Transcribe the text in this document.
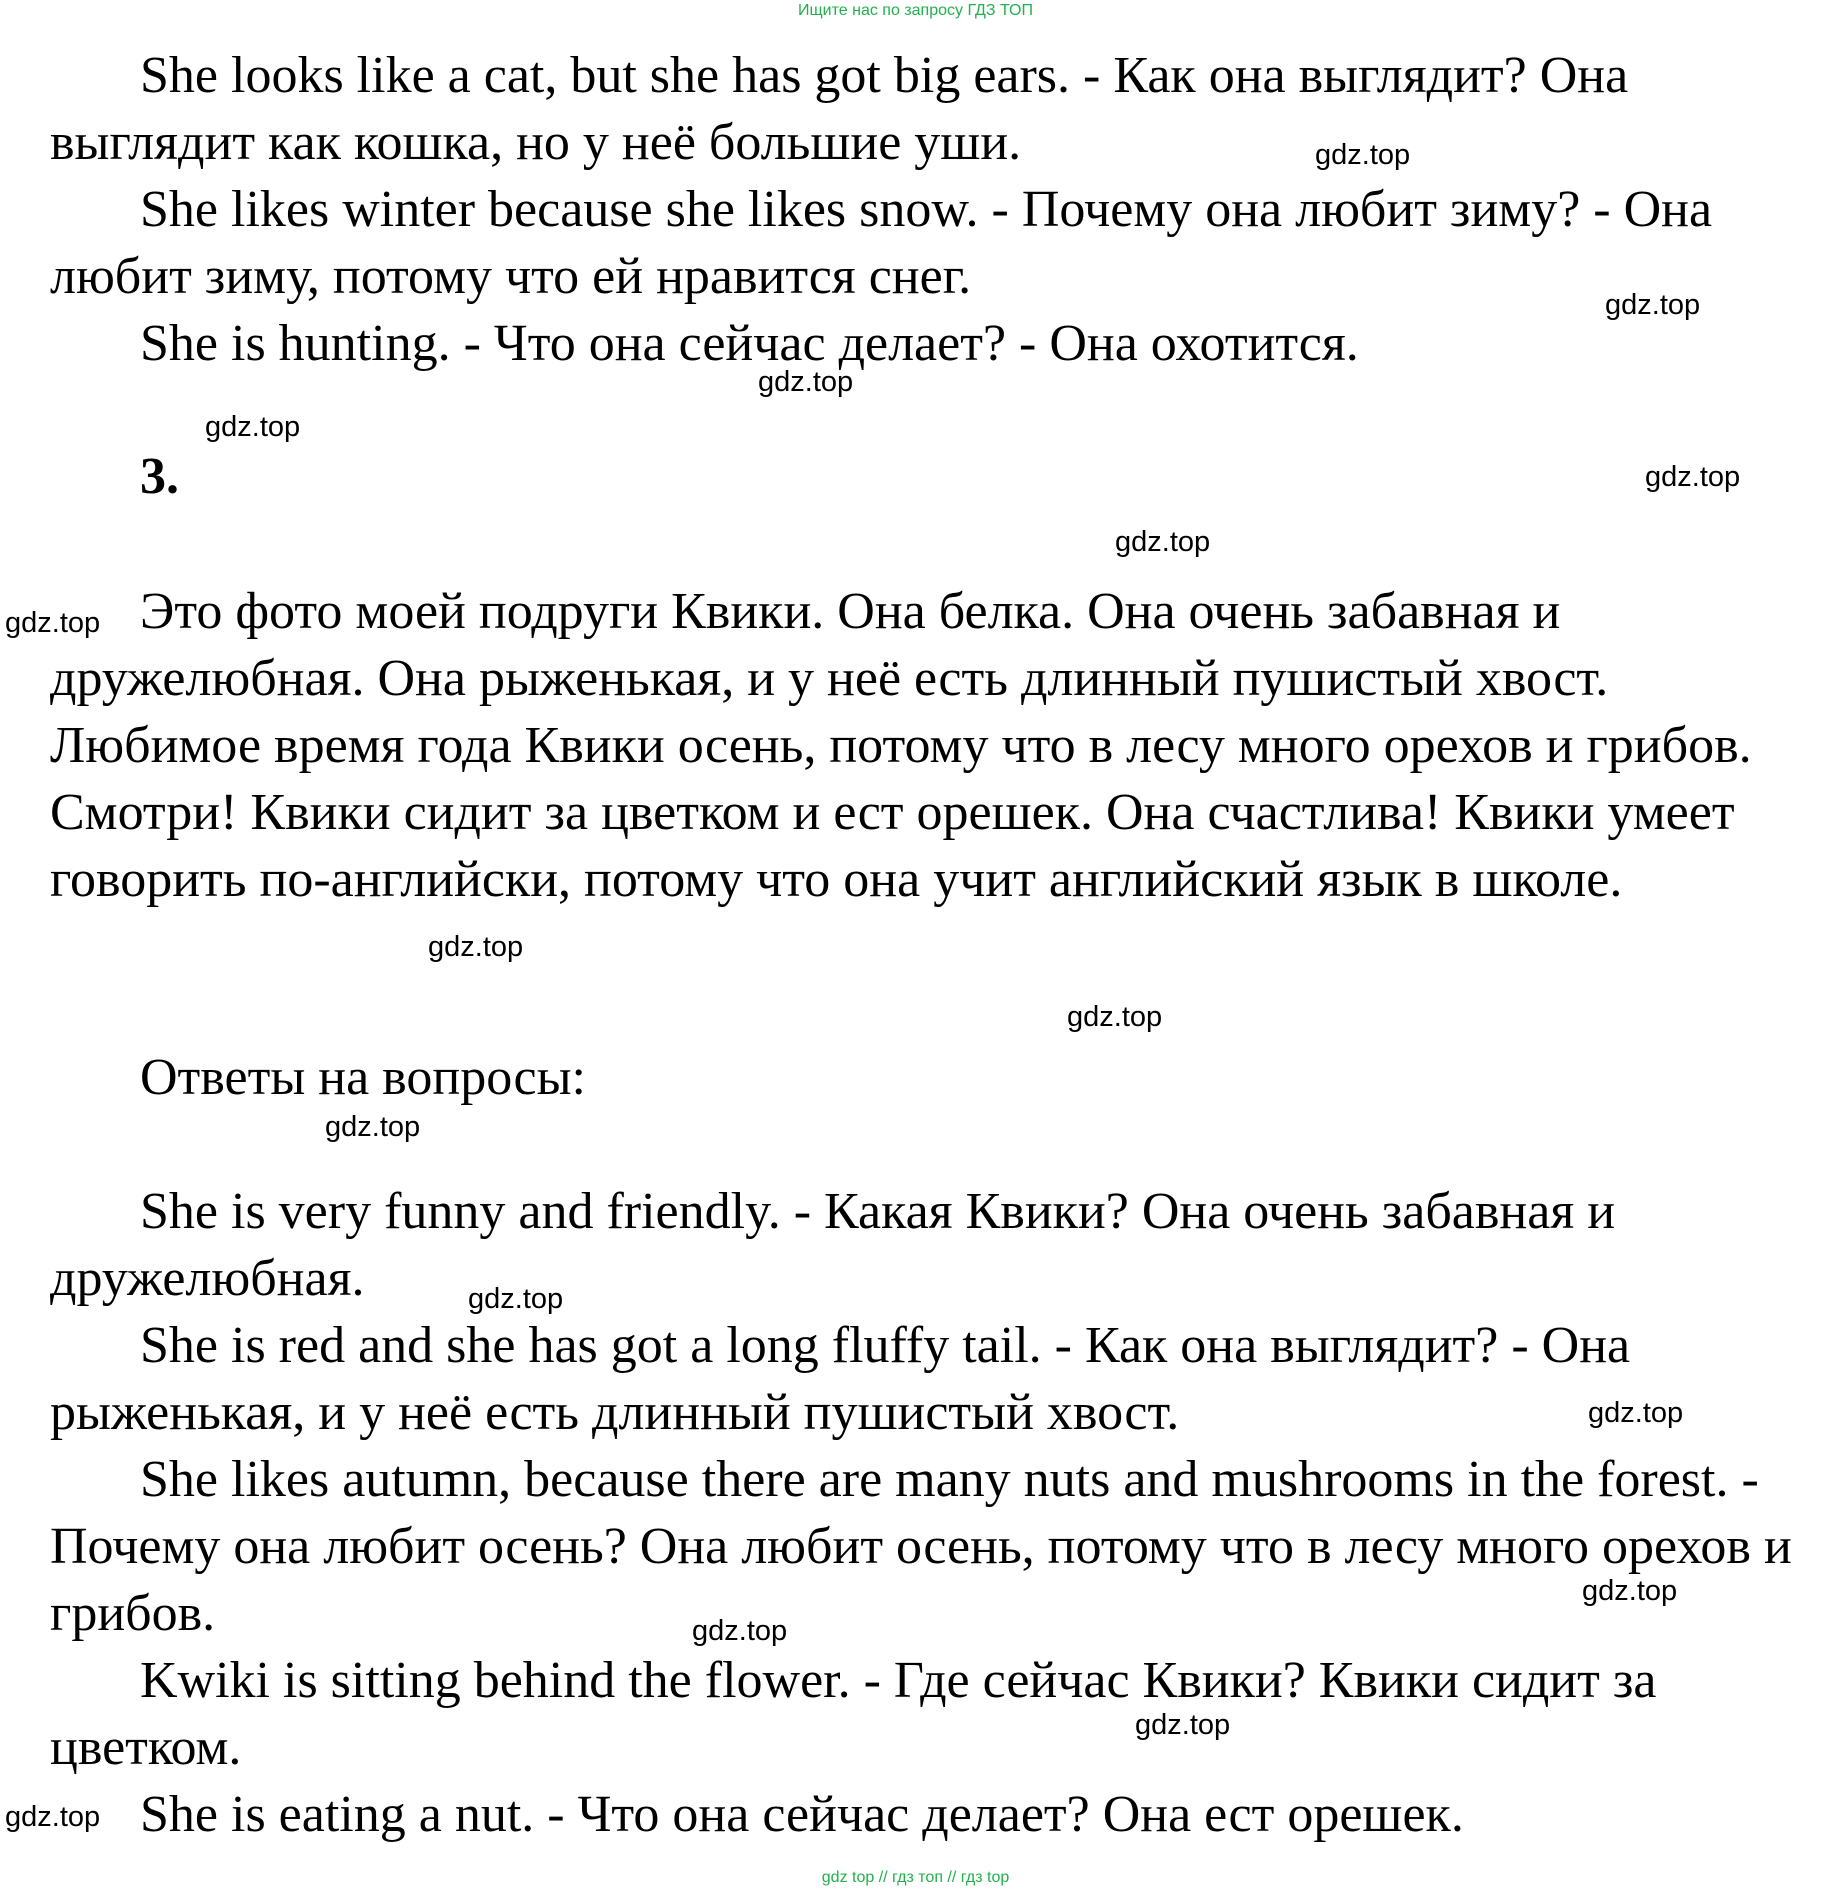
Ищите нас по запросу ГДЗ ТОП

She looks like a cat, but she has got big ears. - Как она выглядит? Она выглядит как кошка, но у неё большие уши.

She likes winter because she likes snow. - Почему она любит зиму? - Она любит зиму, потому что ей нравится снег.

She is hunting. - Что она сейчас делает? - Она охотится.

3.

Это фото моей подруги Квики. Она белка. Она очень забавная и дружелюбная. Она рыженькая, и у неё есть длинный пушистый хвост. Любимое время года Квики осень, потому что в лесу много орехов и грибов. Смотри! Квики сидит за цветком и ест орешек. Она счастлива! Квики умеет говорить по-английски, потому что она учит английский язык в школе.

Ответы на вопросы:

She is very funny and friendly. - Какая Квики? Она очень забавная и дружелюбная.

She is red and she has got a long fluffy tail. - Как она выглядит? - Она рыженькая, и у неё есть длинный пушистый хвост.

She likes autumn, because there are many nuts and mushrooms in the forest. - Почему она любит осень? Она любит осень, потому что в лесу много орехов и грибов.

Kwiki is sitting behind the flower. - Где сейчас Квики? Квики сидит за цветком.

She is eating a nut. - Что она сейчас делает? Она ест орешек.

gdz.top
gdz.top
gdz.top
gdz.top
gdz.top
gdz.top
gdz.top
gdz.top
gdz.top
gdz.top
gdz.top
gdz.top
gdz.top
gdz.top
gdz.top
gdz.top
gdz top // гдз топ // гдз top
